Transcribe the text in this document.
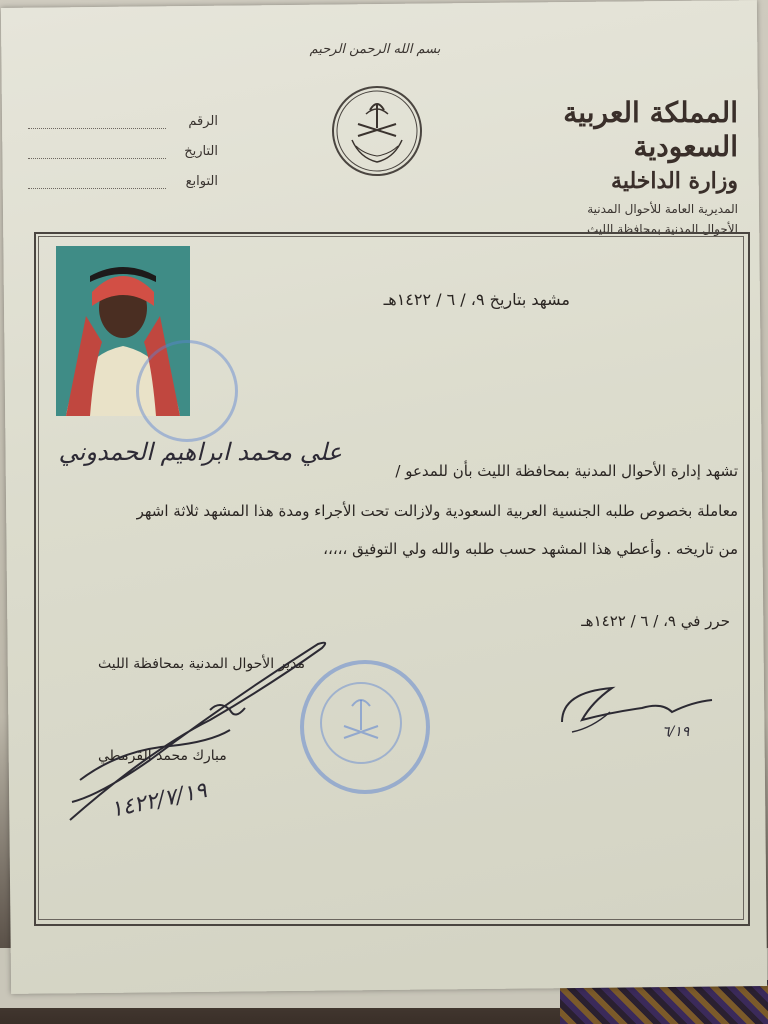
بسم الله الرحمن الرحيم
المملكة العربية السعودية
وزارة الداخلية
المديرية العامة للأحوال المدنية
الأحوال المدنية بمحافظة الليث
الرقم
التاريخ
التوابع
مشهد بتاريخ ٩، / ٦ / ١٤٢٢هـ
علي محمد ابراهيم الحمدوني
تشهد إدارة الأحوال المدنية بمحافظة الليث بأن للمدعو /
معاملة بخصوص طلبه الجنسية العربية السعودية ولازالت تحت الأجراء ومدة هذا المشهد ثلاثة اشهر
من تاريخه . وأعطي هذا المشهد حسب طلبه والله ولي التوفيق ،،،،،
حرر في ٩، / ٦ / ١٤٢٢هـ
مدير الأحوال المدنية بمحافظة الليث
مبارك محمد القرمطي
١٤٢٢/٧/١٩
٦/١٩
